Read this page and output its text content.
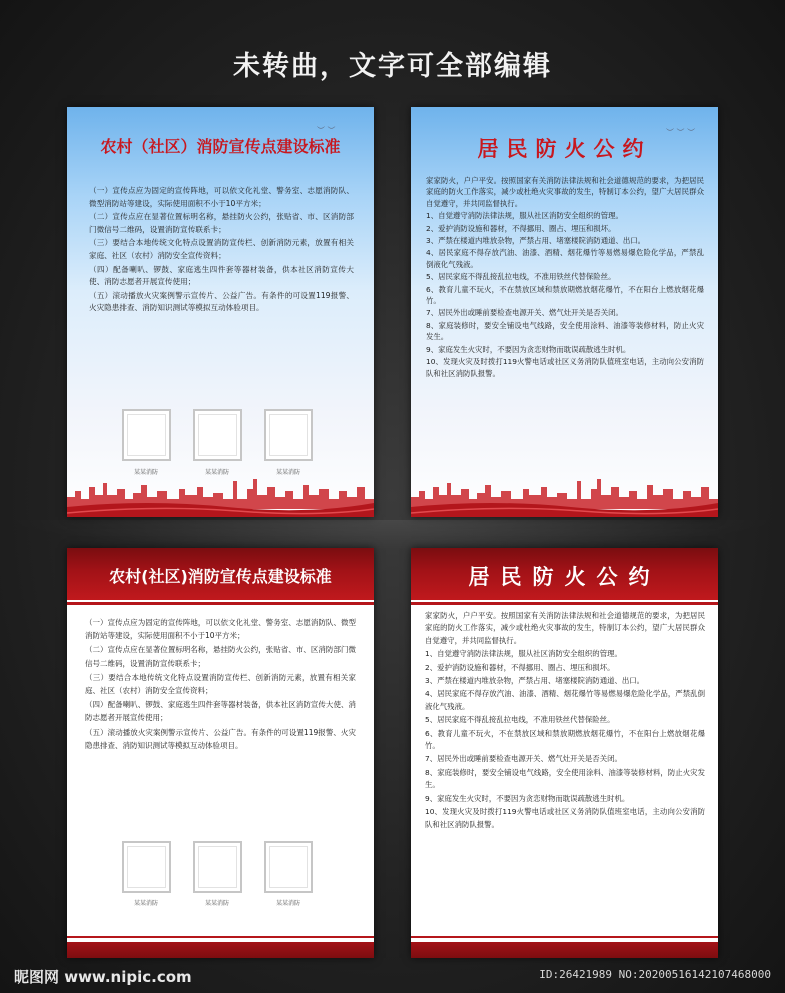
未转曲，文字可全部编辑
︶ ︶
农村（社区）消防宣传点建设标准

（一）宣传点应为固定的宣传阵地，可以依文化礼堂、警务室、志愿消防队、微型消防站等建设，实际使用面积不小于10平方米；

（二）宣传点应在显著位置标明名称，悬挂防火公约，张贴省、市、区消防部门微信号二维码，设置消防宣传联系卡；

（三）要结合本地传统文化特点设置消防宣传栏、创新消防元素，放置有相关家庭、社区（农村）消防安全宣传资料；

（四）配备喇叭、锣鼓、家庭逃生四件套等器材装备，供本社区消防宣传大使、消防志愿者开展宣传使用；

（五）滚动播放火灾案例警示宣传片、公益广告。有条件的可设置119报警、火灾隐患排查、消防知识测试等模拟互动体验项目。

某某消防	某某消防	某某消防
︶ ︶ ︶
居民防火公约

家家防火，户户平安。按照国家有关消防法律法规和社会道德规范的要求，为把居民家庭的防火工作落实，减少或杜绝火灾事故的发生，特制订本公约，望广大居民群众自觉遵守，并共同监督执行。

1、自觉遵守消防法律法规，服从社区消防安全组织的管理。

2、爱护消防设施和器材，不得挪用、圈占、埋压和损坏。

3、严禁在楼道内堆放杂物，严禁占用、堵塞楼院消防通道、出口。

4、居民家庭不得存放汽油、油漆、酒精、烟花爆竹等易燃易爆危险化学品，严禁乱倒液化气残液。

5、居民家庭不得乱接乱拉电线，不准用铁丝代替保险丝。

6、教育儿童不玩火，不在禁放区域和禁放期燃放烟花爆竹，不在阳台上燃放烟花爆竹。

7、居民外出或睡前要检查电源开关、燃气灶开关是否关闭。

8、家庭装修时，要安全铺设电气线路，安全使用涂料、油漆等装修材料，防止火灾发生。

9、家庭发生火灾时，不要因为贪恋财物而耽误疏散逃生时机。

10、发现火灾及时拨打119火警电话或社区义务消防队值班室电话，主动向公安消防队和社区消防队报警。

农村(社区)消防宣传点建设标准

（一）宣传点应为固定的宣传阵地，可以依文化礼堂、警务室、志愿消防队、微型消防站等建设，实际使用面积不小于10平方米；

（二）宣传点应在显著位置标明名称，悬挂防火公约，张贴省、市、区消防部门微信号二维码，设置消防宣传联系卡；

（三）要结合本地传统文化特点设置消防宣传栏、创新消防元素，放置有相关家庭、社区（农村）消防安全宣传资料；

（四）配备喇叭、锣鼓、家庭逃生四件套等器材装备，供本社区消防宣传大使、消防志愿者开展宣传使用；

（五）滚动播放火灾案例警示宣传片、公益广告。有条件的可设置119报警、火灾隐患排查、消防知识测试等模拟互动体验项目。

某某消防	某某消防	某某消防
居民防火公约

家家防火，户户平安。按照国家有关消防法律法规和社会道德规范的要求，为把居民家庭的防火工作落实，减少或杜绝火灾事故的发生，特制订本公约，望广大居民群众自觉遵守，并共同监督执行。

1、自觉遵守消防法律法规，服从社区消防安全组织的管理。

2、爱护消防设施和器材，不得挪用、圈占、埋压和损坏。

3、严禁在楼道内堆放杂物，严禁占用、堵塞楼院消防通道、出口。

4、居民家庭不得存放汽油、油漆、酒精、烟花爆竹等易燃易爆危险化学品，严禁乱倒液化气残液。

5、居民家庭不得乱接乱拉电线，不准用铁丝代替保险丝。

6、教育儿童不玩火，不在禁放区域和禁放期燃放烟花爆竹，不在阳台上燃放烟花爆竹。

7、居民外出或睡前要检查电源开关、燃气灶开关是否关闭。

8、家庭装修时，要安全铺设电气线路，安全使用涂料、油漆等装修材料，防止火灾发生。

9、家庭发生火灾时，不要因为贪恋财物而耽误疏散逃生时机。

10、发现火灾及时拨打119火警电话或社区义务消防队值班室电话，主动向公安消防队和社区消防队报警。

昵图网 www.nipic.com	ID:26421989 NO:20200516142107468000
